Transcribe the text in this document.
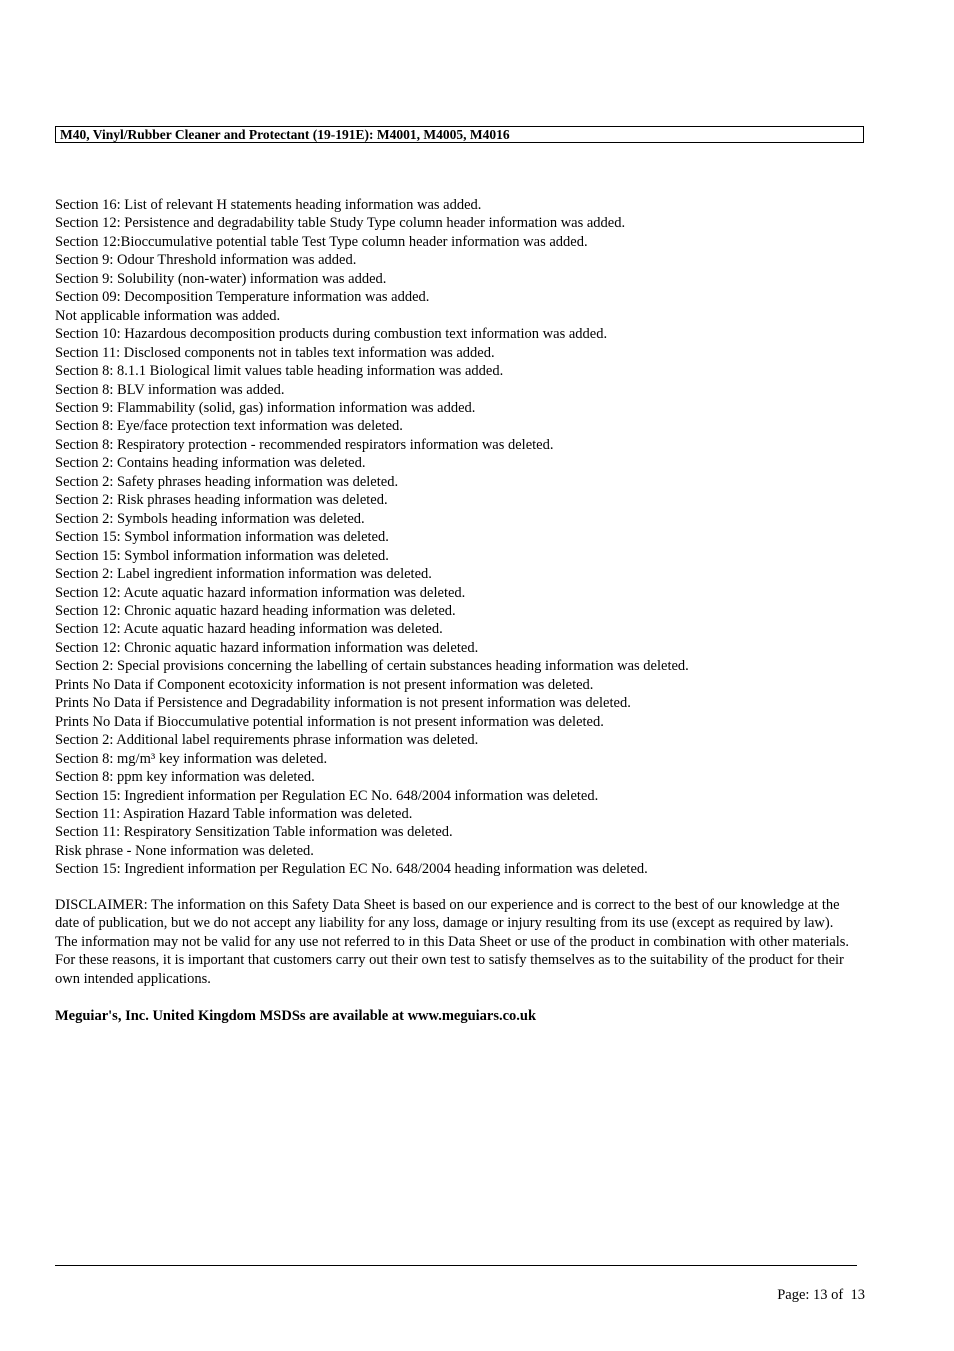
M40, Vinyl/Rubber Cleaner and Protectant (19-191E): M4001, M4005, M4016
Section 16: List of relevant H statements heading information was added.
Section 12: Persistence and degradability table Study Type column header information was added.
Section 12:Bioccumulative potential table Test Type column header information was added.
Section 9: Odour Threshold information was added.
Section 9: Solubility (non-water) information was added.
Section 09: Decomposition Temperature information was added.
Not applicable information was added.
Section 10: Hazardous decomposition products during combustion text information was added.
Section 11: Disclosed components not in tables text information was added.
Section 8: 8.1.1 Biological limit values table heading information was added.
Section 8: BLV information was added.
Section 9: Flammability (solid, gas) information information was added.
Section 8: Eye/face protection text information was deleted.
Section 8: Respiratory protection - recommended respirators information was deleted.
Section 2: Contains heading information was deleted.
Section 2: Safety phrases heading information was deleted.
Section 2: Risk phrases heading information was deleted.
Section 2: Symbols heading information was deleted.
Section 15: Symbol information information was deleted.
Section 15: Symbol information information was deleted.
Section 2: Label ingredient information information was deleted.
Section 12: Acute aquatic hazard information information was deleted.
Section 12: Chronic aquatic hazard heading information was deleted.
Section 12: Acute aquatic hazard heading information was deleted.
Section 12: Chronic aquatic hazard information information was deleted.
Section 2: Special provisions concerning the labelling of certain substances heading information was deleted.
Prints No Data if Component ecotoxicity information is not present information was deleted.
Prints No Data if Persistence and Degradability information is not present information was deleted.
Prints No Data if Bioccumulative potential information is not present information was deleted.
Section 2: Additional label requirements phrase information was deleted.
Section 8: mg/m³ key information was deleted.
Section 8: ppm key information was deleted.
Section 15: Ingredient information per Regulation EC No. 648/2004 information was deleted.
Section 11: Aspiration Hazard Table information was deleted.
Section 11: Respiratory Sensitization Table information was deleted.
Risk phrase - None information was deleted.
Section 15: Ingredient information per Regulation EC No. 648/2004 heading information was deleted.

DISCLAIMER: The information on this Safety Data Sheet is based on our experience and is correct to the best of our knowledge at the date of publication, but we do not accept any liability for any loss, damage or injury resulting from its use (except as required by law). The information may not be valid for any use not referred to in this Data Sheet or use of the product in combination with other materials. For these reasons, it is important that customers carry out their own test to satisfy themselves as to the suitability of the product for their own intended applications.

Meguiar's, Inc. United Kingdom MSDSs are available at www.meguiars.co.uk

Page: 13 of  13
